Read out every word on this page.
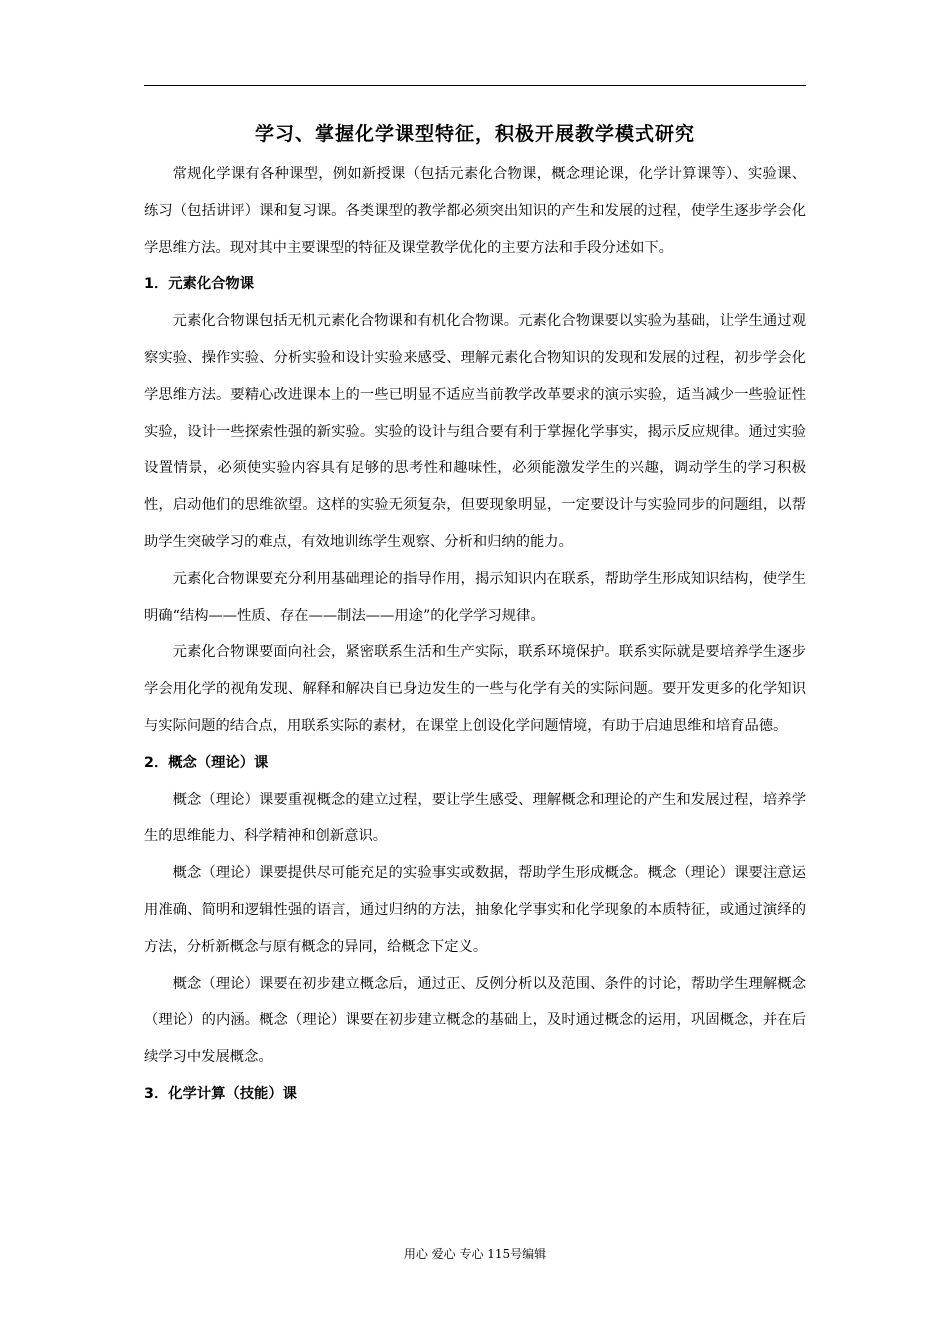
学习、掌握化学课型特征，积极开展教学模式研究

常规化学课有各种课型，例如新授课（包括元素化合物课，概念理论课，化学计算课等）、实验课、练习（包括讲评）课和复习课。各类课型的教学都必须突出知识的产生和发展的过程，使学生逐步学会化学思维方法。现对其中主要课型的特征及课堂教学优化的主要方法和手段分述如下。

1．元素化合物课

元素化合物课包括无机元素化合物课和有机化合物课。元素化合物课要以实验为基础，让学生通过观察实验、操作实验、分析实验和设计实验来感受、理解元素化合物知识的发现和发展的过程，初步学会化学思维方法。要精心改进课本上的一些已明显不适应当前教学改革要求的演示实验，适当减少一些验证性实验，设计一些探索性强的新实验。实验的设计与组合要有利于掌握化学事实，揭示反应规律。通过实验设置情景，必须使实验内容具有足够的思考性和趣味性，必须能激发学生的兴趣，调动学生的学习积极性，启动他们的思维欲望。这样的实验无须复杂，但要现象明显，一定要设计与实验同步的问题组，以帮助学生突破学习的难点，有效地训练学生观察、分析和归纳的能力。

元素化合物课要充分利用基础理论的指导作用，揭示知识内在联系，帮助学生形成知识结构，使学生明确“结构——性质、存在——制法——用途”的化学学习规律。

元素化合物课要面向社会，紧密联系生活和生产实际，联系环境保护。联系实际就是要培养学生逐步学会用化学的视角发现、解释和解决自已身边发生的一些与化学有关的实际问题。要开发更多的化学知识与实际问题的结合点，用联系实际的素材，在课堂上创设化学问题情境，有助于启迪思维和培育品德。

2．概念（理论）课

概念（理论）课要重视概念的建立过程，要让学生感受、理解概念和理论的产生和发展过程，培养学生的思维能力、科学精神和创新意识。

概念（理论）课要提供尽可能充足的实验事实或数据，帮助学生形成概念。概念（理论）课要注意运用准确、简明和逻辑性强的语言，通过归纳的方法，抽象化学事实和化学现象的本质特征，或通过演绎的方法，分析新概念与原有概念的异同，给概念下定义。

概念（理论）课要在初步建立概念后，通过正、反例分析以及范围、条件的讨论，帮助学生理解概念（理论）的内涵。概念（理论）课要在初步建立概念的基础上，及时通过概念的运用，巩固概念，并在后续学习中发展概念。

3．化学计算（技能）课

用心 爱心 专心 115号编辑
